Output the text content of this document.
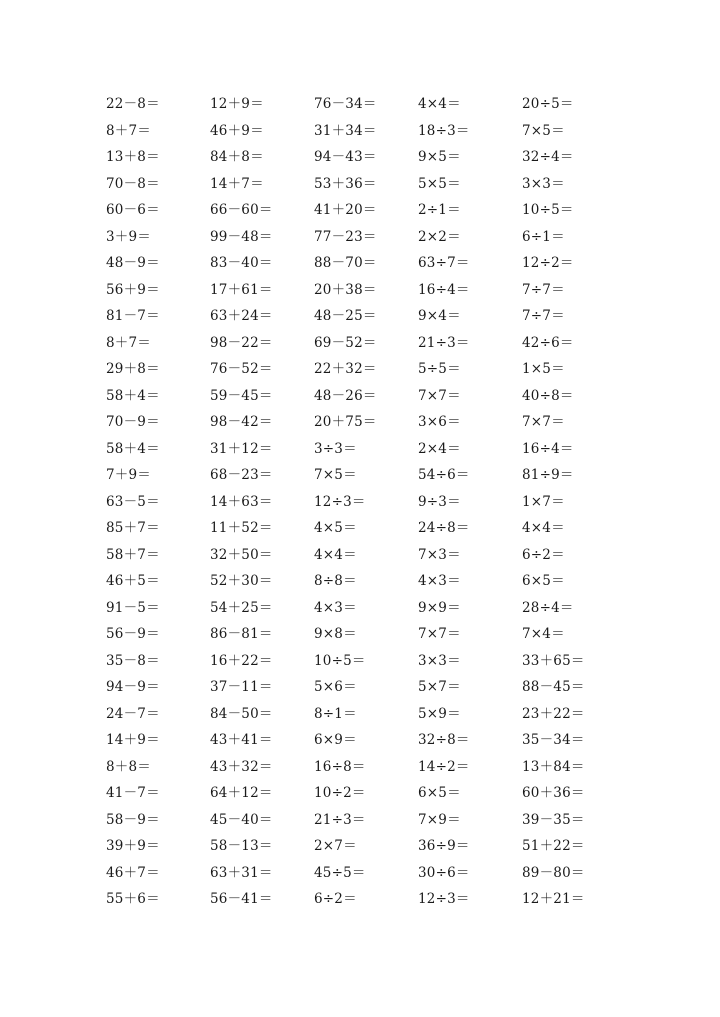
22－8＝	12＋9＝	76－34＝	4×4＝	20÷5＝
8＋7＝	46＋9＝	31＋34＝	18÷3＝	7×5＝
13＋8＝	84＋8＝	94－43＝	9×5＝	32÷4＝
70－8＝	14＋7＝	53＋36＝	5×5＝	3×3＝
60－6＝	66－60＝	41＋20＝	2÷1＝	10÷5＝
3＋9＝	99－48＝	77－23＝	2×2＝	6÷1＝
48－9＝	83－40＝	88－70＝	63÷7＝	12÷2＝
56＋9＝	17＋61＝	20＋38＝	16÷4＝	7÷7＝
81－7＝	63＋24＝	48－25＝	9×4＝	7÷7＝
8＋7＝	98－22＝	69－52＝	21÷3＝	42÷6＝
29＋8＝	76－52＝	22＋32＝	5÷5＝	1×5＝
58＋4＝	59－45＝	48－26＝	7×7＝	40÷8＝
70－9＝	98－42＝	20＋75＝	3×6＝	7×7＝
58＋4＝	31＋12＝	3÷3＝	2×4＝	16÷4＝
7＋9＝	68－23＝	7×5＝	54÷6＝	81÷9＝
63－5＝	14＋63＝	12÷3＝	9÷3＝	1×7＝
85＋7＝	11＋52＝	4×5＝	24÷8＝	4×4＝
58＋7＝	32＋50＝	4×4＝	7×3＝	6÷2＝
46＋5＝	52＋30＝	8÷8＝	4×3＝	6×5＝
91－5＝	54＋25＝	4×3＝	9×9＝	28÷4＝
56－9＝	86－81＝	9×8＝	7×7＝	7×4＝
35－8＝	16＋22＝	10÷5＝	3×3＝	33＋65＝
94－9＝	37－11＝	5×6＝	5×7＝	88－45＝
24－7＝	84－50＝	8÷1＝	5×9＝	23＋22＝
14＋9＝	43＋41＝	6×9＝	32÷8＝	35－34＝
8＋8＝	43＋32＝	16÷8＝	14÷2＝	13＋84＝
41－7＝	64＋12＝	10÷2＝	6×5＝	60＋36＝
58－9＝	45－40＝	21÷3＝	7×9＝	39－35＝
39＋9＝	58－13＝	2×7＝	36÷9＝	51＋22＝
46＋7＝	63＋31＝	45÷5＝	30÷6＝	89－80＝
55＋6＝	56－41＝	6÷2＝	12÷3＝	12＋21＝
